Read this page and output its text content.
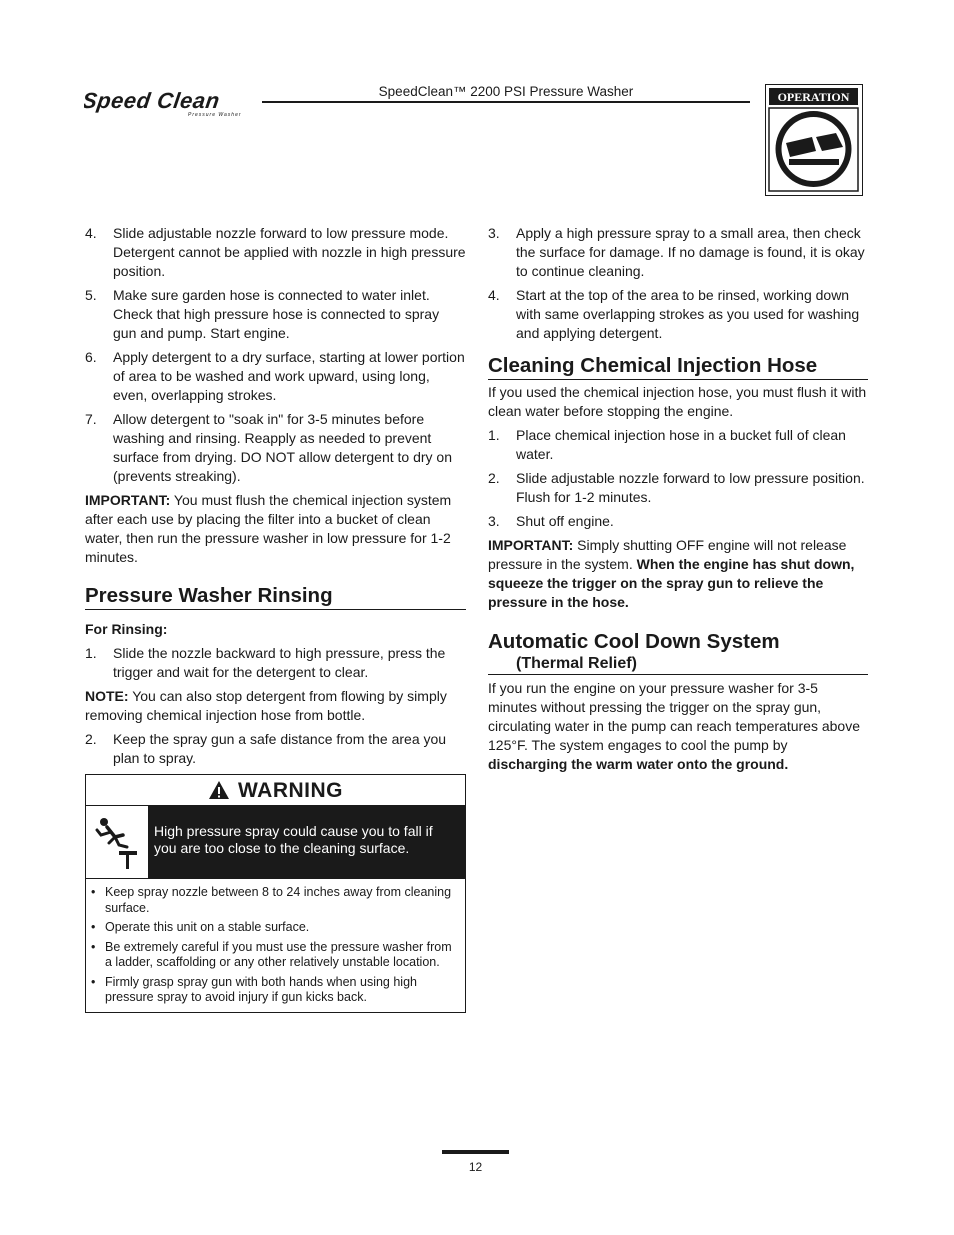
Speed Clean
Pressure Washer
SpeedClean™ 2200 PSI Pressure Washer	OPERATION
4.	Slide adjustable nozzle forward to low pressure mode. Detergent cannot be applied with nozzle in high pressure position.
5.	Make sure garden hose is connected to water inlet. Check that high pressure hose is connected to spray gun and pump. Start engine.
6.	Apply detergent to a dry surface, starting at lower portion of area to be washed and work upward, using long, even, overlapping strokes.
7.	Allow detergent to "soak in" for 3-5 minutes before washing and rinsing. Reapply as needed to prevent surface from drying. DO NOT allow detergent to dry on (prevents streaking).

IMPORTANT: You must flush the chemical injection system after each use by placing the filter into a bucket of clean water, then run the pressure washer in low pressure for 1-2 minutes.

Pressure Washer Rinsing

For Rinsing:

1.	Slide the nozzle backward to high pressure, press the trigger and wait for the detergent to clear.

NOTE: You can also stop detergent from flowing by simply removing chemical injection hose from bottle.

2.	Keep the spray gun a safe distance from the area you plan to spray.
WARNING
High pressure spray could cause you to fall if you are too close to the cleaning surface.
• Keep spray nozzle between 8 to 24 inches away from cleaning surface.
• Operate this unit on a stable surface.
• Be extremely careful if you must use the pressure washer from a ladder, scaffolding or any other relatively unstable location.
• Firmly grasp spray gun with both hands when using high pressure spray to avoid injury if gun kicks back.
3.	Apply a high pressure spray to a small area, then check the surface for damage. If no damage is found, it is okay to continue cleaning.
4.	Start at the top of the area to be rinsed, working down with same overlapping strokes as you used for washing and applying detergent.
Cleaning Chemical Injection Hose

If you used the chemical injection hose, you must flush it with clean water before stopping the engine.

1.	Place chemical injection hose in a bucket full of clean water.
2.	Slide adjustable nozzle forward to low pressure position. Flush for 1-2 minutes.
3.	Shut off engine.

IMPORTANT: Simply shutting OFF engine will not release pressure in the system. When the engine has shut down, squeeze the trigger on the spray gun to relieve the pressure in the hose.

Automatic Cool Down System
(Thermal Relief)

If you run the engine on your pressure washer for 3-5 minutes without pressing the trigger on the spray gun, circulating water in the pump can reach temperatures above 125°F. The system engages to cool the pump by discharging the warm water onto the ground.

12
